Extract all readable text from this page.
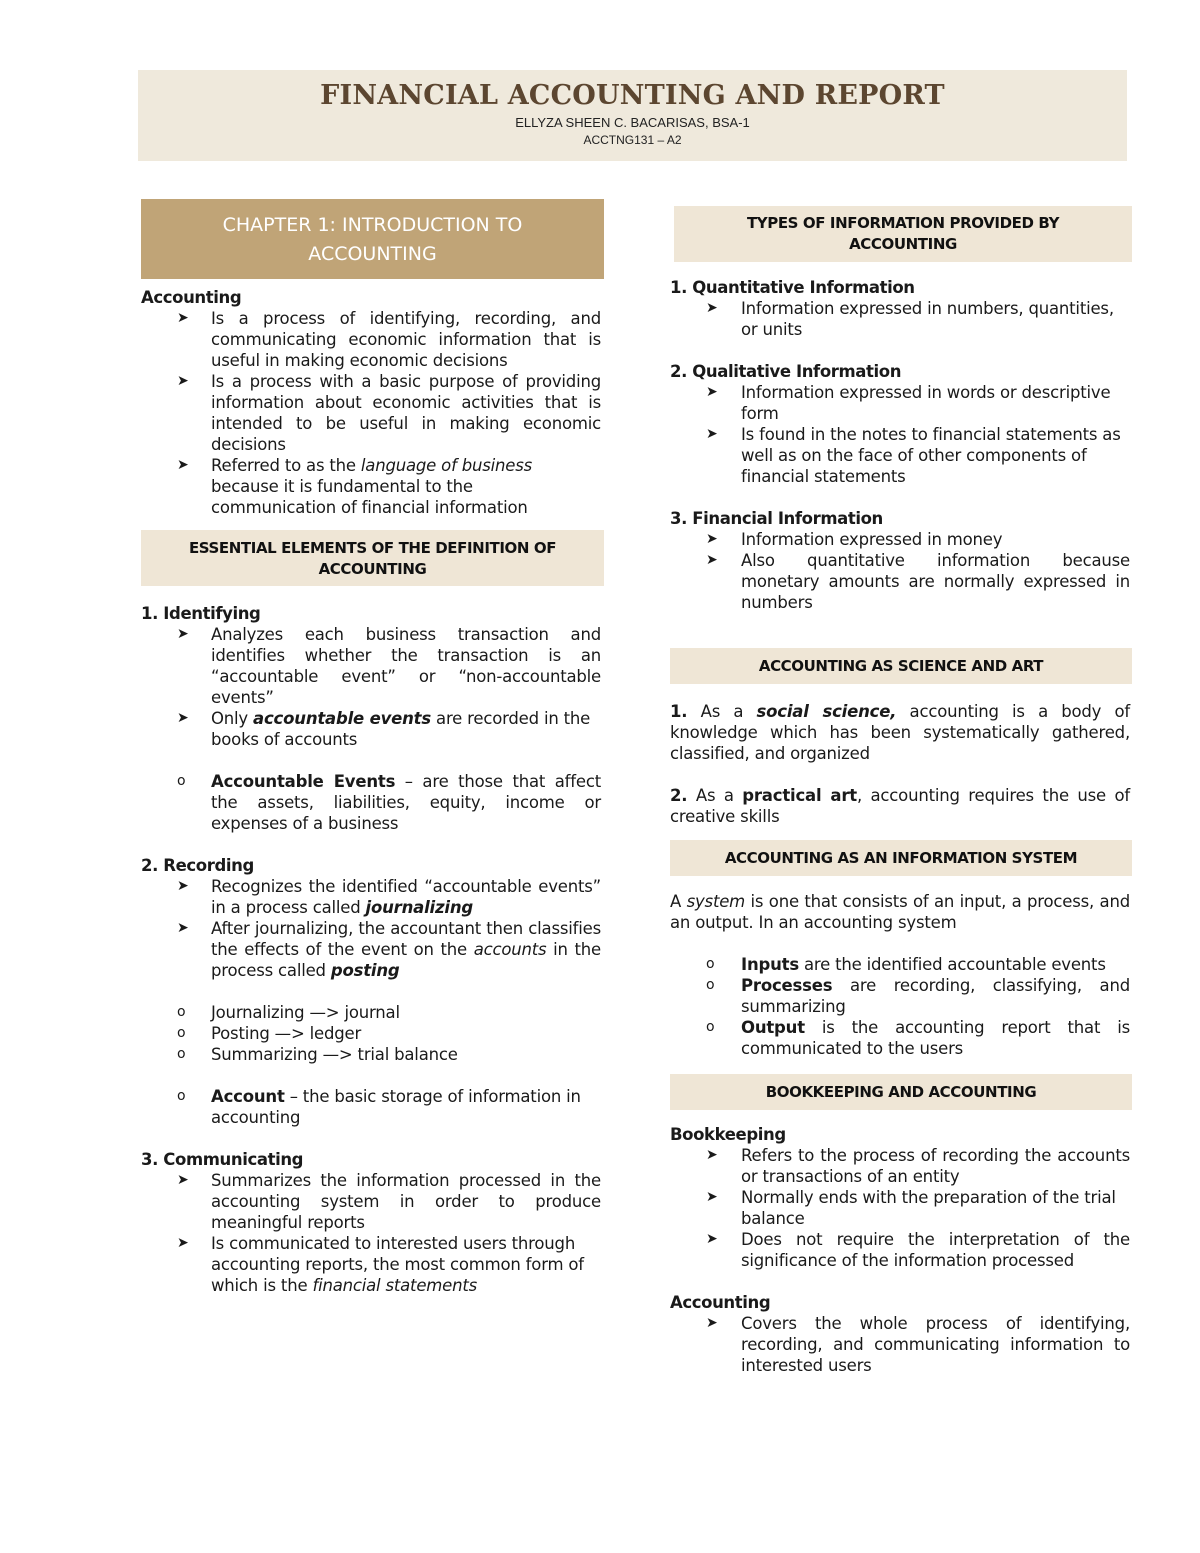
FINANCIAL ACCOUNTING AND REPORT
ELLYZA SHEEN C. BACARISAS, BSA-1
ACCTNG131 – A2
CHAPTER 1: INTRODUCTION TO
ACCOUNTING
Accounting
➤ Is a process of identifying, recording, and communicating economic information that is useful in making economic decisions
➤ Is a process with a basic purpose of providing information about economic activities that is intended to be useful in making economic decisions
➤ Referred to as the language of business because it is fundamental to the communication of financial information
ESSENTIAL ELEMENTS OF THE DEFINITION OF
ACCOUNTING
1. Identifying
➤ Analyzes each business transaction and identifies whether the transaction is an “accountable event” or “non-accountable events”
➤ Only accountable events are recorded in the books of accounts
o Accountable Events – are those that affect the assets, liabilities, equity, income or expenses of a business
2. Recording
➤ Recognizes the identified “accountable events” in a process called journalizing
➤ After journalizing, the accountant then classifies the effects of the event on the accounts in the process called posting
o Journalizing —> journal
o Posting —> ledger
o Summarizing —> trial balance
o Account – the basic storage of information in accounting
3. Communicating
➤ Summarizes the information processed in the accounting system in order to produce meaningful reports
➤ Is communicated to interested users through accounting reports, the most common form of which is the financial statements
TYPES OF INFORMATION PROVIDED BY
ACCOUNTING
1. Quantitative Information
➤ Information expressed in numbers, quantities, or units
2. Qualitative Information
➤ Information expressed in words or descriptive form
➤ Is found in the notes to financial statements as well as on the face of other components of financial statements
3. Financial Information
➤ Information expressed in money
➤ Also quantitative information because monetary amounts are normally expressed in numbers
ACCOUNTING AS SCIENCE AND ART
1. As a social science, accounting is a body of knowledge which has been systematically gathered, classified, and organized
2. As a practical art, accounting requires the use of creative skills
ACCOUNTING AS AN INFORMATION SYSTEM
A system is one that consists of an input, a process, and an output. In an accounting system
o Inputs are the identified accountable events
o Processes are recording, classifying, and summarizing
o Output is the accounting report that is communicated to the users
BOOKKEEPING AND ACCOUNTING
Bookkeeping
➤ Refers to the process of recording the accounts or transactions of an entity
➤ Normally ends with the preparation of the trial balance
➤ Does not require the interpretation of the significance of the information processed
Accounting
➤ Covers the whole process of identifying, recording, and communicating information to interested users
